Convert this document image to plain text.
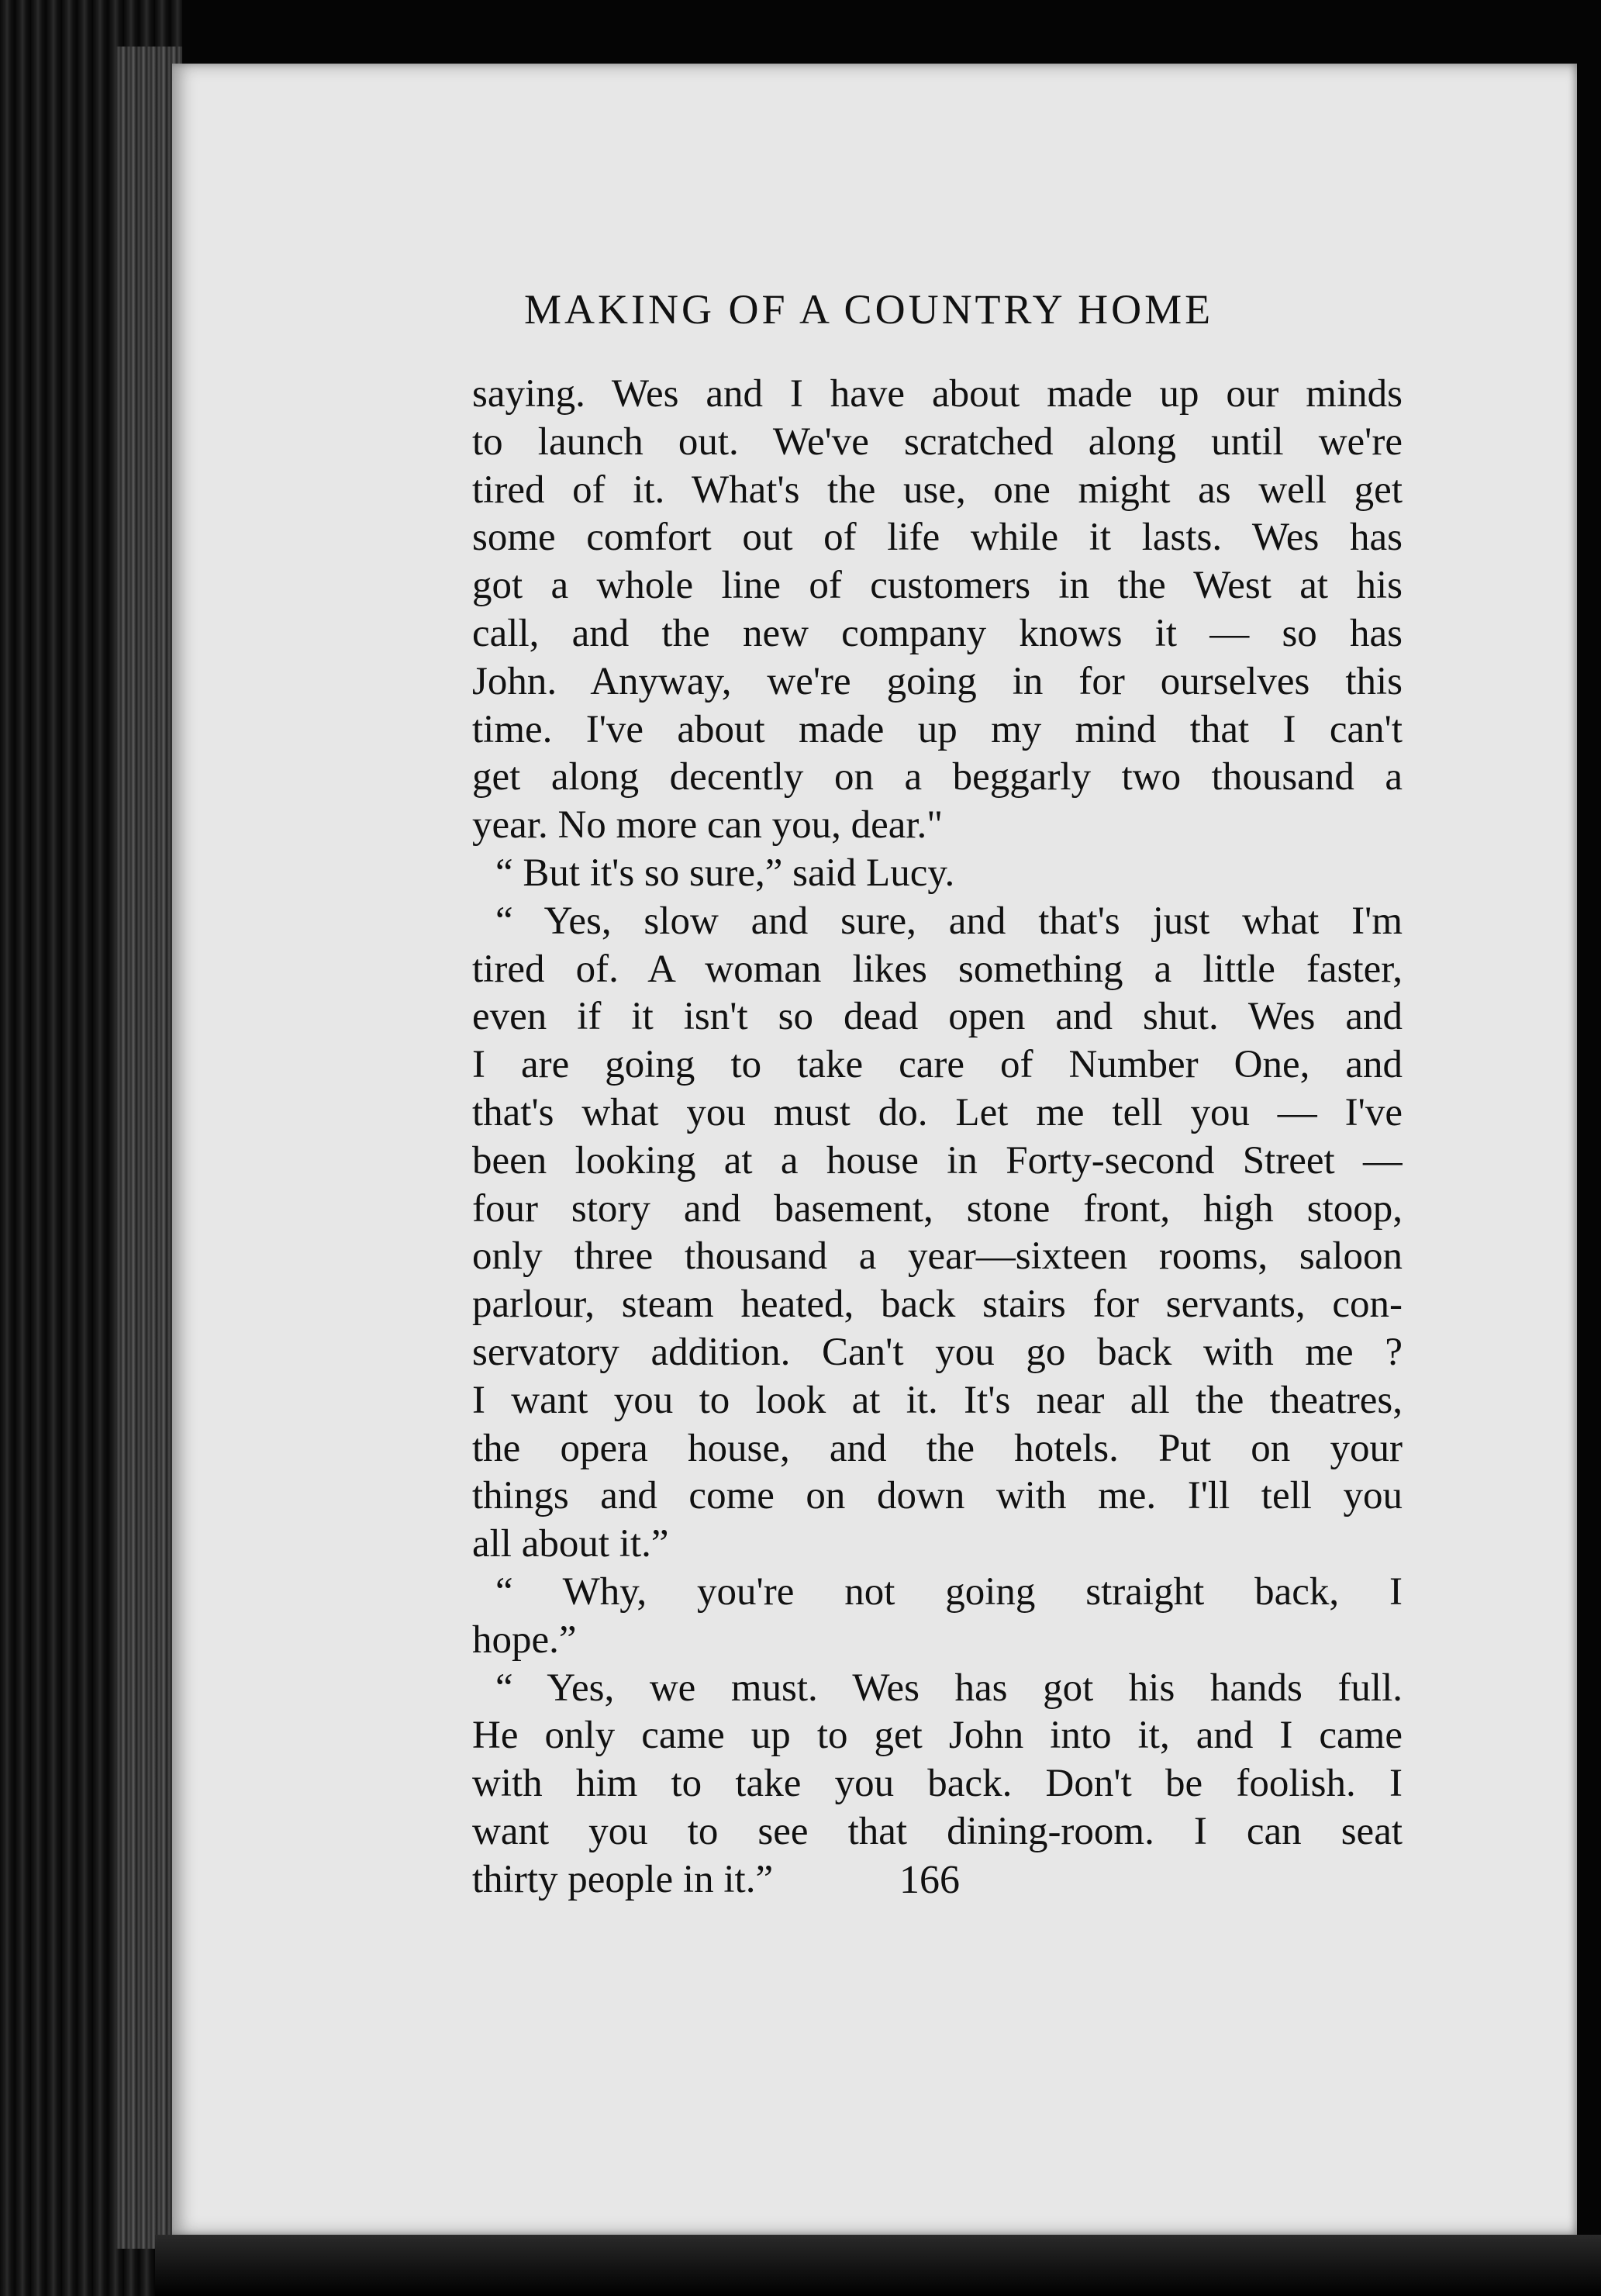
MAKING OF A COUNTRY HOME
saying. Wes and I have about made up our minds
to launch out. We've scratched along until we're
tired of it. What's the use, one might as well get
some comfort out of life while it lasts. Wes has
got a whole line of customers in the West at his
call, and the new company knows it — so has
John. Anyway, we're going in for ourselves this
time. I've about made up my mind that I can't
get along decently on a beggarly two thousand a
year. No more can you, dear."
“ But it's so sure,” said Lucy.
“ Yes, slow and sure, and that's just what I'm
tired of. A woman likes something a little faster,
even if it isn't so dead open and shut. Wes and
I are going to take care of Number One, and
that's what you must do. Let me tell you — I've
been looking at a house in Forty-second Street —
four story and basement, stone front, high stoop,
only three thousand a year—sixteen rooms, saloon
parlour, steam heated, back stairs for servants, con-
servatory addition. Can't you go back with me ?
I want you to look at it. It's near all the theatres,
the opera house, and the hotels. Put on your
things and come on down with me. I'll tell you
all about it.”
“ Why, you're not going straight back, I
hope.”
“ Yes, we must. Wes has got his hands full.
He only came up to get John into it, and I came
with him to take you back. Don't be foolish. I
want you to see that dining-room. I can seat
thirty people in it.”	166
